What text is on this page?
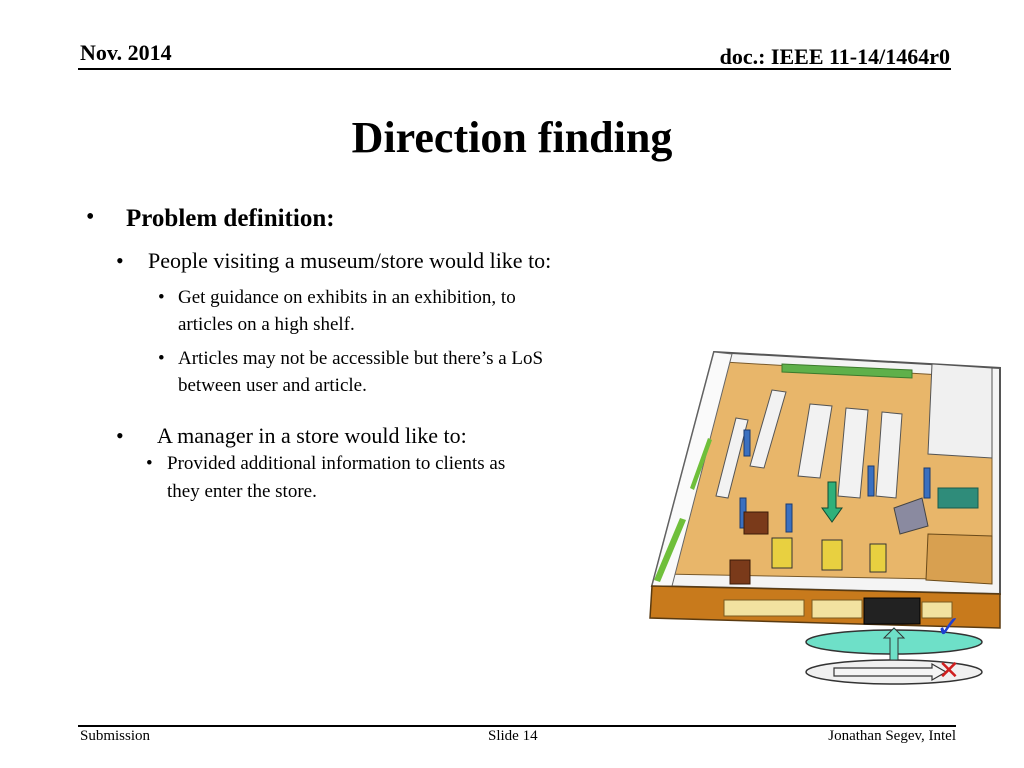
Nov. 2014	doc.: IEEE 11-14/1464r0
Direction finding
• Problem definition:
• People visiting a museum/store would like to:
• Get guidance on exhibits in an exhibition, to
articles on a high shelf.
• Articles may not be accessible but there’s a LoS
between user and article.
• A manager in a store would like to:
• Provided additional information to clients as
they enter the store.
✓
✕
Submission	Slide 14	Jonathan Segev, Intel
